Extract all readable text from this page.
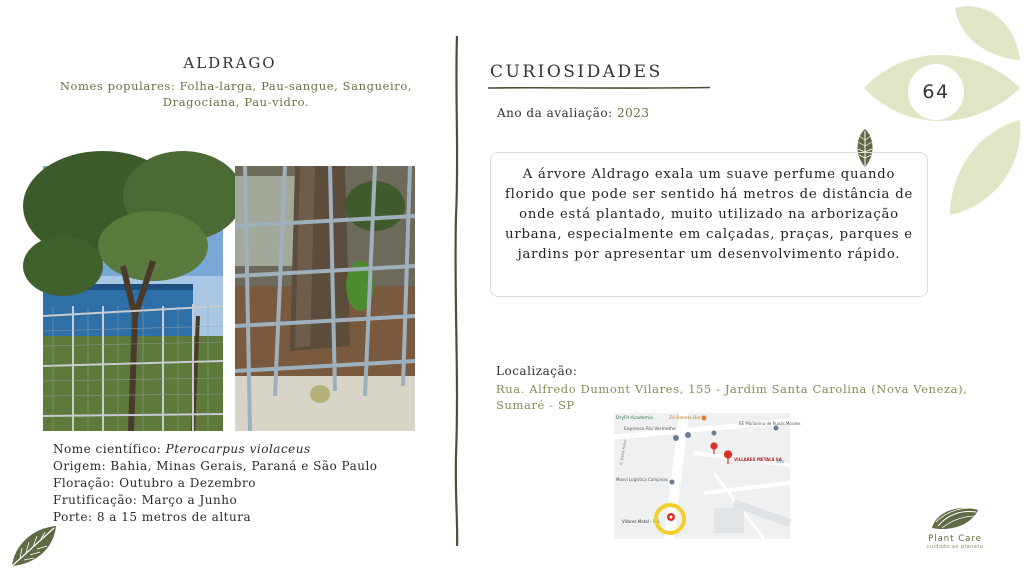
ALDRAGO
Nomes populares: Folha-larga, Pau-sangue, Sangueiro, Dragociana, Pau-vidro.
Nome científico: Pterocarpus violaceus
Origem: Bahia, Minas Gerais, Paraná e São Paulo
Floração: Outubro a Dezembro
Frutificação: Março a Junho
Porte: 8 a 15 metros de altura
CURIOSIDADES
Ano da avaliação: 2023
A árvore Aldrago exala um suave perfume quando florido que pode ser sentido há metros de distância de onde está plantado, muito utilizado na arborização urbana, especialmente em calçadas, praças, parques e jardins por apresentar um desenvolvimento rápido.
Localização:
Rua. Alfredo Dumont Vilares, 155 - Jardim Santa Carolina (Nova Veneza), Sumaré - SP
DryFit Academia	Zé Balada Bar
EE Marianina de Ruvás Moraes
Expresso Rio Vermelho
VILLARES METALS SA
Movvi Logística Campinas
Villares Metal - S.A.
R. Dalila Fisher	São
64
Plant Care
cuidado ao planeta
